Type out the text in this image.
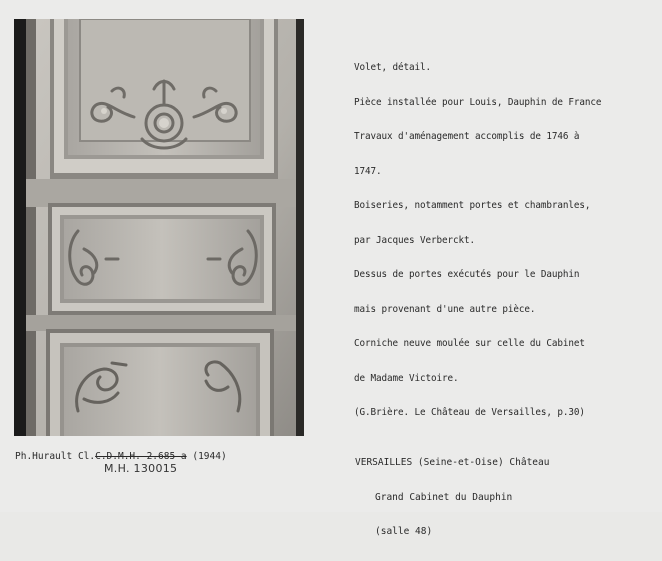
Volet, détail.

Pièce installée pour Louis, Dauphin de France

Travaux d'aménagement accomplis de 1746 à

1747.

Boiseries, notamment portes et chambranles,

par Jacques Verberckt.

Dessus de portes exécutés pour le Dauphin

mais provenant d'une autre pièce.

Corniche neuve moulée sur celle du Cabinet

de Madame Victoire.

(G.Brière. Le Château de Versailles, p.30)

VERSAILLES (Seine-et-Oise) Château

Grand Cabinet du Dauphin

(salle 48)

Ph.Hurault Cl.C.D.M.H. 2.685 a (1944)
M.H. 130015
